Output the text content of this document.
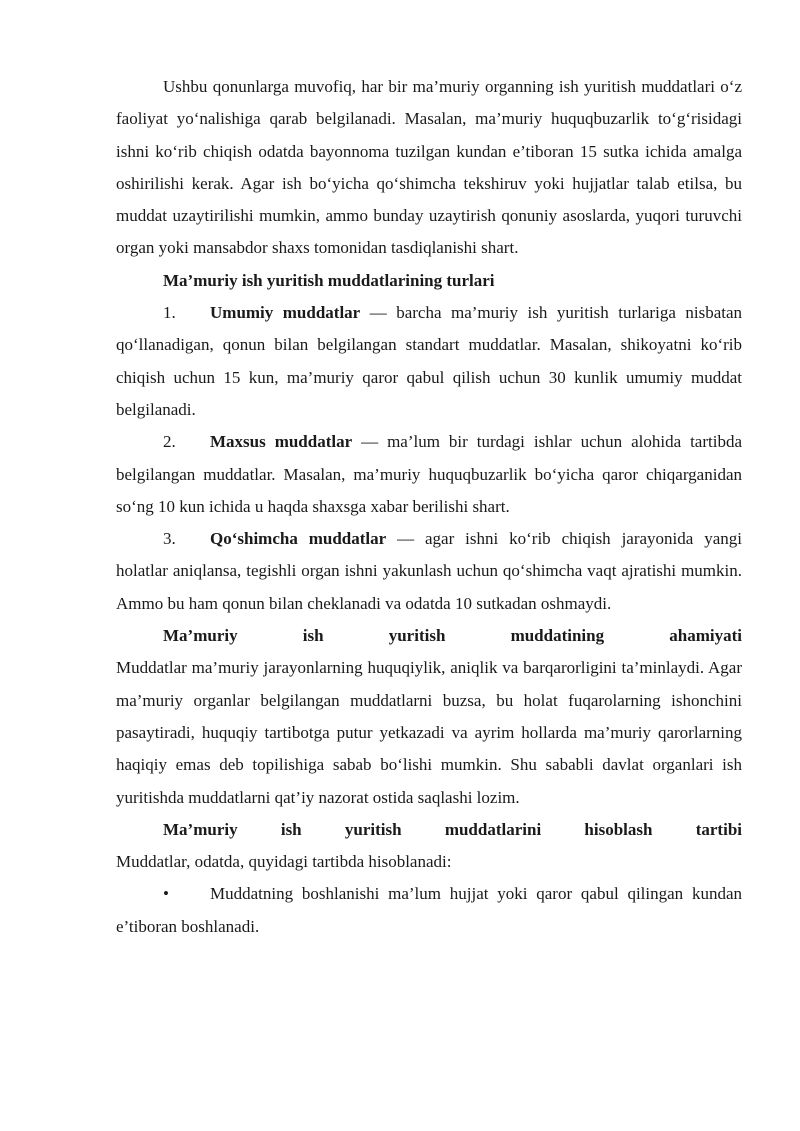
Ushbu qonunlarga muvofiq, har bir ma’muriy organning ish yuritish muddatlari o‘z faoliyat yo‘nalishiga qarab belgilanadi. Masalan, ma’muriy huquqbuzarlik to‘g‘risidagi ishni ko‘rib chiqish odatda bayonnoma tuzilgan kundan e’tiboran 15 sutka ichida amalga oshirilishi kerak. Agar ish bo‘yicha qo‘shimcha tekshiruv yoki hujjatlar talab etilsa, bu muddat uzaytirilishi mumkin, ammo bunday uzaytirish qonuniy asoslarda, yuqori turuvchi organ yoki mansabdor shaxs tomonidan tasdiqlanishi shart.

Ma’muriy ish yuritish muddatlarining turlari

1. Umumiy muddatlar — barcha ma’muriy ish yuritish turlariga nisbatan qo‘llanadigan, qonun bilan belgilangan standart muddatlar. Masalan, shikoyatni ko‘rib chiqish uchun 15 kun, ma’muriy qaror qabul qilish uchun 30 kunlik umumiy muddat belgilanadi.

2. Maxsus muddatlar — ma’lum bir turdagi ishlar uchun alohida tartibda belgilangan muddatlar. Masalan, ma’muriy huquqbuzarlik bo‘yicha qaror chiqarganidan so‘ng 10 kun ichida u haqda shaxsga xabar berilishi shart.

3. Qo‘shimcha muddatlar — agar ishni ko‘rib chiqish jarayonida yangi holatlar aniqlansa, tegishli organ ishni yakunlash uchun qo‘shimcha vaqt ajratishi mumkin. Ammo bu ham qonun bilan cheklanadi va odatda 10 sutkadan oshmaydi.

Ma’muriy ish yuritish muddatining ahamiyati

Muddatlar ma’muriy jarayonlarning huquqiylik, aniqlik va barqarorligini ta’minlaydi. Agar ma’muriy organlar belgilangan muddatlarni buzsa, bu holat fuqarolarning ishonchini pasaytiradi, huquqiy tartibotga putur yetkazadi va ayrim hollarda ma’muriy qarorlarning haqiqiy emas deb topilishiga sabab bo‘lishi mumkin. Shu sababli davlat organlari ish yuritishda muddatlarni qat’iy nazorat ostida saqlashi lozim.

Ma’muriy ish yuritish muddatlarini hisoblash tartibi

Muddatlar, odatda, quyidagi tartibda hisoblanadi:

• Muddatning boshlanishi ma’lum hujjat yoki qaror qabul qilingan kundan e’tiboran boshlanadi.
